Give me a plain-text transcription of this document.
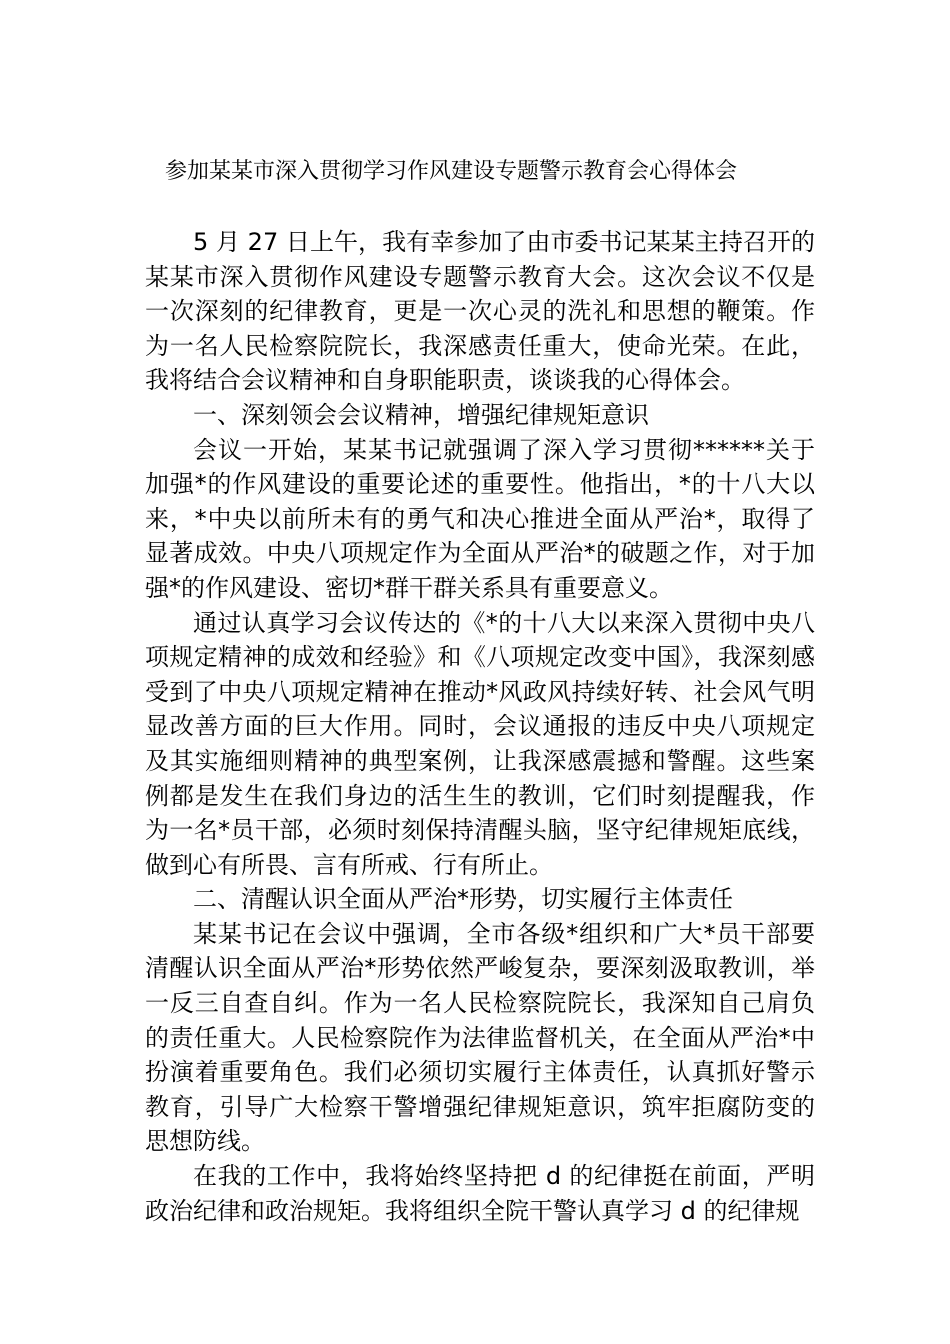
参加某某市深入贯彻学习作风建设专题警示教育会心得体会

5 月 27 日上午，我有幸参加了由市委书记某某主持召开的某某市深入贯彻作风建设专题警示教育大会。这次会议不仅是一次深刻的纪律教育，更是一次心灵的洗礼和思想的鞭策。作为一名人民检察院院长，我深感责任重大，使命光荣。在此，我将结合会议精神和自身职能职责，谈谈我的心得体会。

一、深刻领会会议精神，增强纪律规矩意识

会议一开始，某某书记就强调了深入学习贯彻******关于加强*的作风建设的重要论述的重要性。他指出，*的十八大以来，*中央以前所未有的勇气和决心推进全面从严治*，取得了显著成效。中央八项规定作为全面从严治*的破题之作，对于加强*的作风建设、密切*群干群关系具有重要意义。

通过认真学习会议传达的《*的十八大以来深入贯彻中央八项规定精神的成效和经验》和《八项规定改变中国》，我深刻感受到了中央八项规定精神在推动*风政风持续好转、社会风气明显改善方面的巨大作用。同时，会议通报的违反中央八项规定及其实施细则精神的典型案例，让我深感震撼和警醒。这些案例都是发生在我们身边的活生生的教训，它们时刻提醒我，作为一名*员干部，必须时刻保持清醒头脑，坚守纪律规矩底线，做到心有所畏、言有所戒、行有所止。

二、清醒认识全面从严治*形势，切实履行主体责任

某某书记在会议中强调，全市各级*组织和广大*员干部要清醒认识全面从严治*形势依然严峻复杂，要深刻汲取教训，举一反三自查自纠。作为一名人民检察院院长，我深知自己肩负的责任重大。人民检察院作为法律监督机关，在全面从严治*中扮演着重要角色。我们必须切实履行主体责任，认真抓好警示教育，引导广大检察干警增强纪律规矩意识，筑牢拒腐防变的思想防线。

在我的工作中，我将始终坚持把 d 的纪律挺在前面，严明政治纪律和政治规矩。我将组织全院干警认真学习 d 的纪律规
